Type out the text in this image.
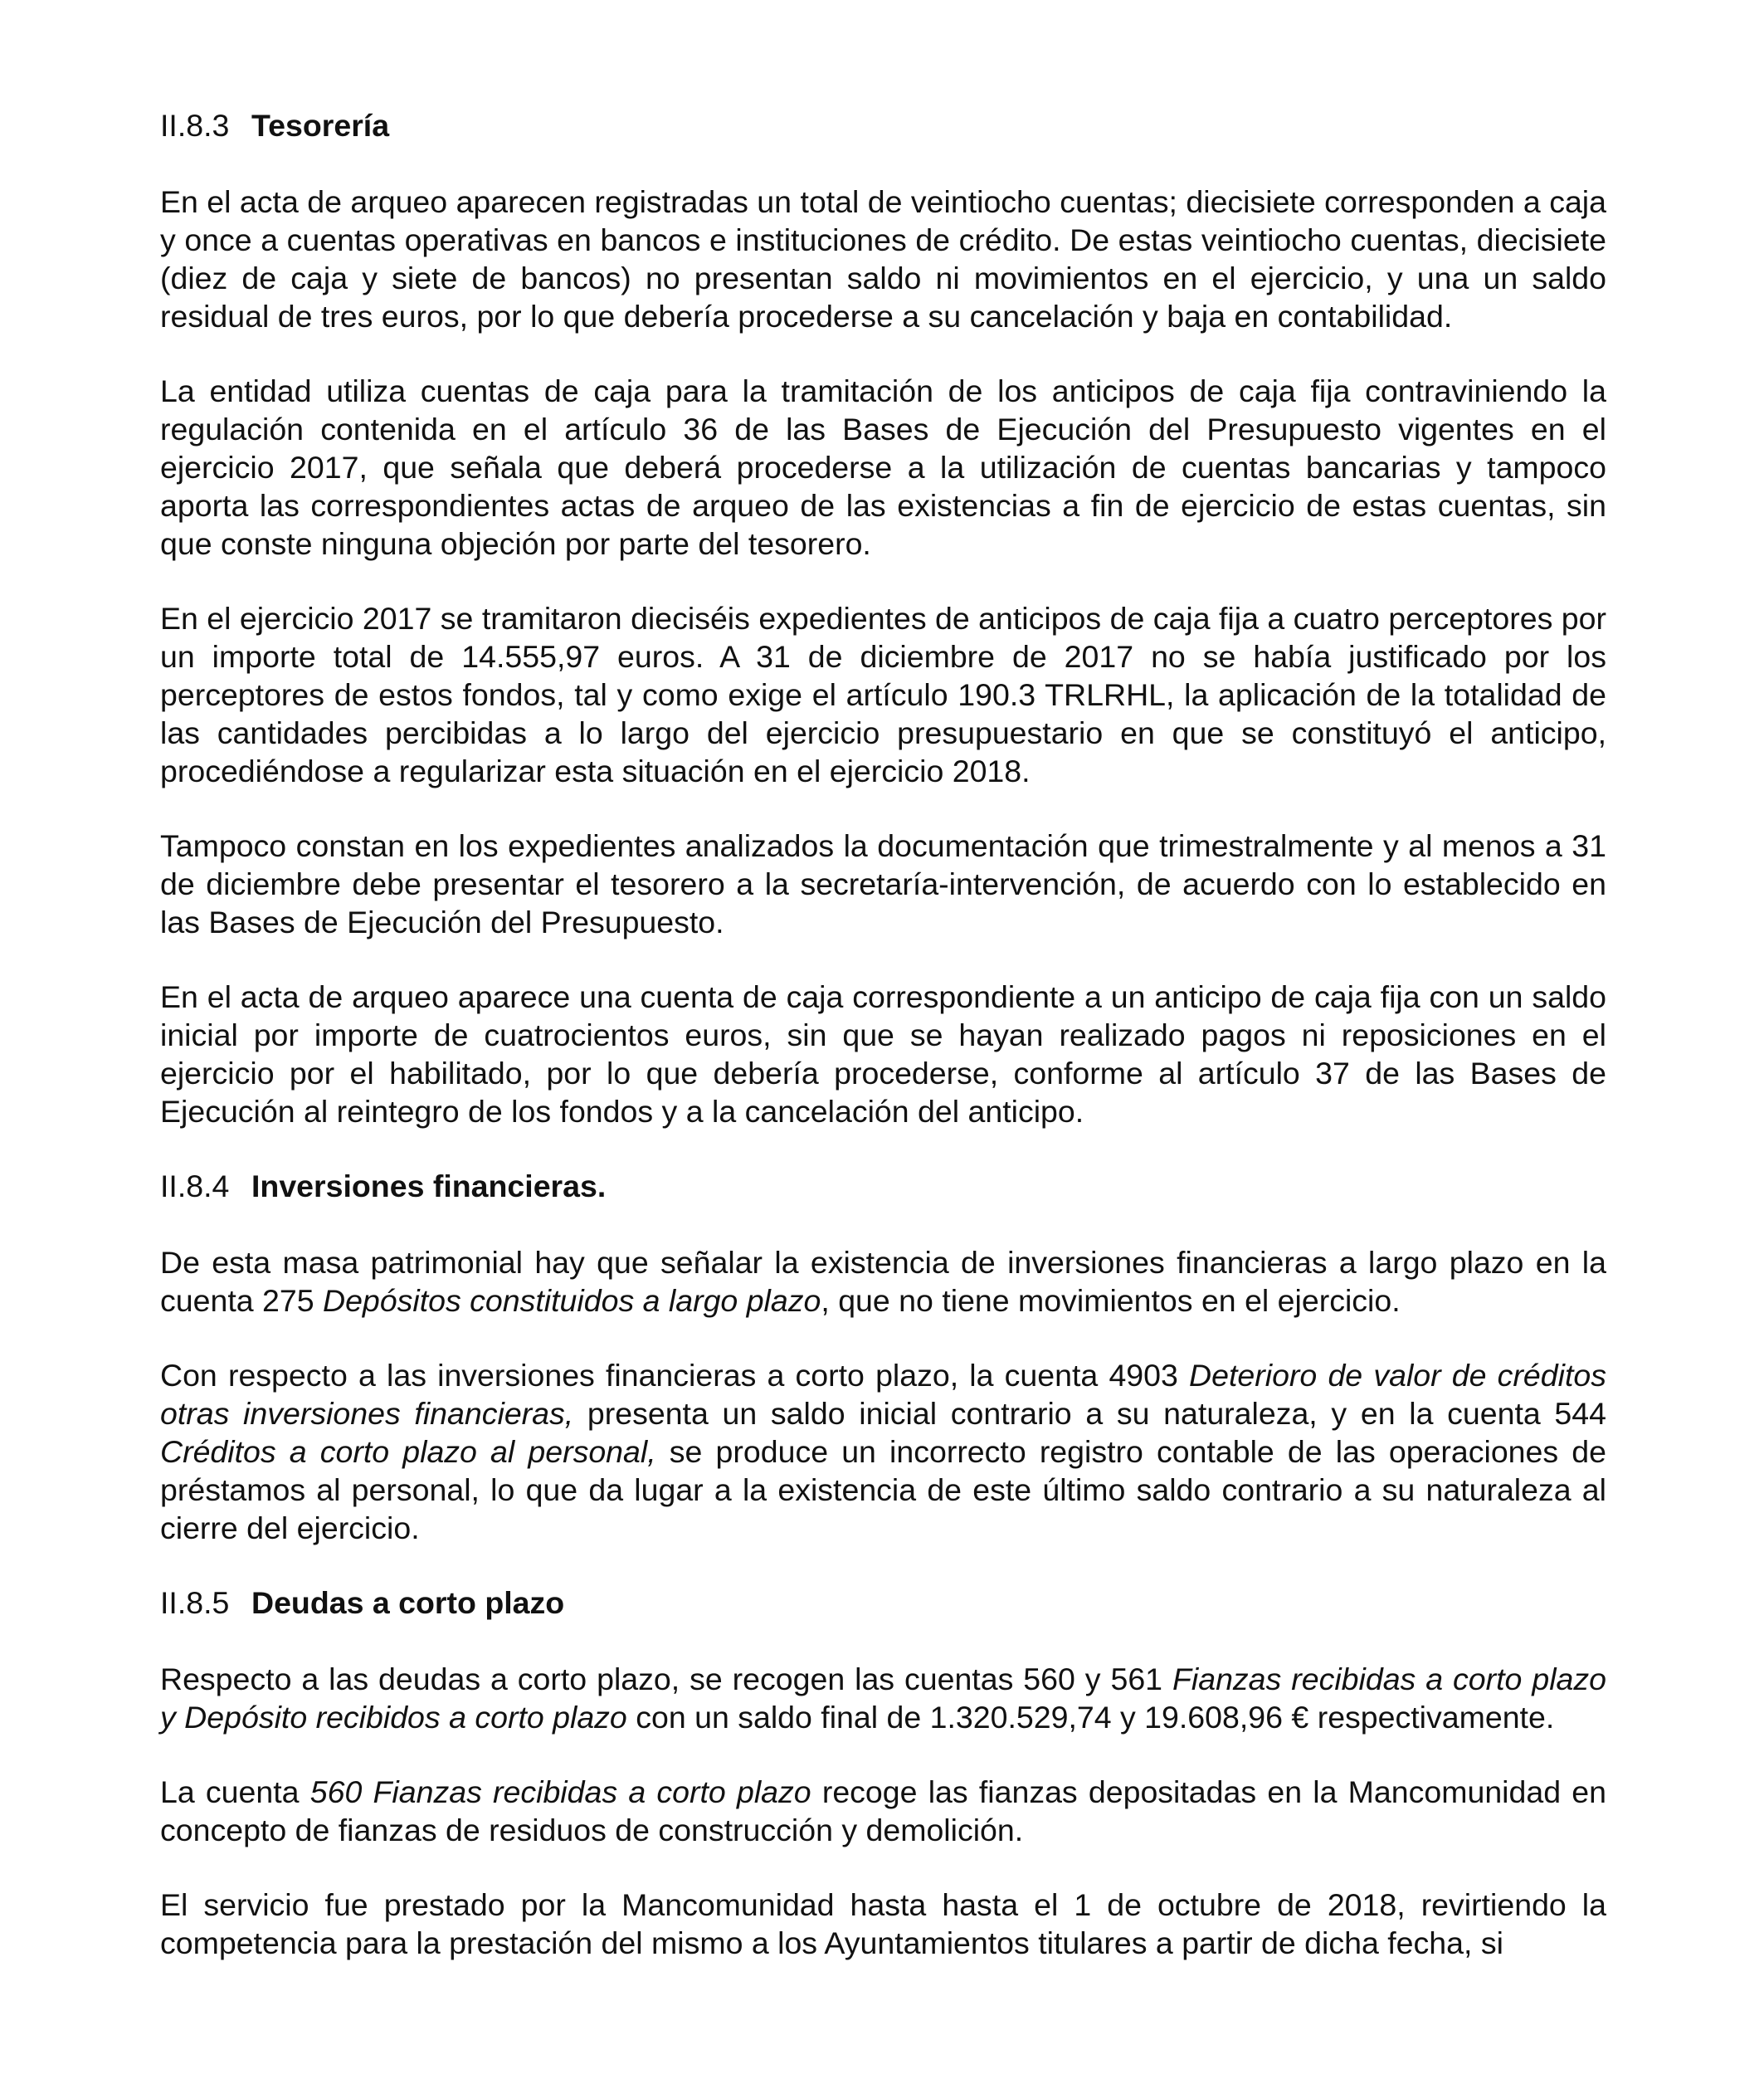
II.8.3 Tesorería

En el acta de arqueo aparecen registradas un total de veintiocho cuentas; diecisiete corresponden a caja y once a cuentas operativas en bancos e instituciones de crédito. De estas veintiocho cuentas, diecisiete (diez de caja y siete de bancos) no presentan saldo ni movimientos en el ejercicio, y una un saldo residual de tres euros, por lo que debería procederse a su cancelación y baja en contabilidad.

La entidad utiliza cuentas de caja para la tramitación de los anticipos de caja fija contraviniendo la regulación contenida en el artículo 36 de las Bases de Ejecución del Presupuesto vigentes en el ejercicio 2017, que señala que deberá procederse a la utilización de cuentas bancarias y tampoco aporta las correspondientes actas de arqueo de las existencias a fin de ejercicio de estas cuentas, sin que conste ninguna objeción por parte del tesorero.

En el ejercicio 2017 se tramitaron dieciséis expedientes de anticipos de caja fija a cuatro perceptores por un importe total de 14.555,97 euros. A 31 de diciembre de 2017 no se había justificado por los perceptores de estos fondos, tal y como exige el artículo 190.3 TRLRHL, la aplicación de la totalidad de las cantidades percibidas a lo largo del ejercicio presupuestario en que se constituyó el anticipo, procediéndose a regularizar esta situación en el ejercicio 2018.

Tampoco constan en los expedientes analizados la documentación que trimestralmente y al menos a 31 de diciembre debe presentar el tesorero a la secretaría-intervención, de acuerdo con lo establecido en las Bases de Ejecución del Presupuesto.

En el acta de arqueo aparece una cuenta de caja correspondiente a un anticipo de caja fija con un saldo inicial por importe de cuatrocientos euros, sin que se hayan realizado pagos ni reposiciones en el ejercicio por el habilitado, por lo que debería procederse, conforme al artículo 37 de las Bases de Ejecución al reintegro de los fondos y a la cancelación del anticipo.

II.8.4 Inversiones financieras.

De esta masa patrimonial hay que señalar la existencia de inversiones financieras a largo plazo en la cuenta 275 Depósitos constituidos a largo plazo, que no tiene movimientos en el ejercicio.

Con respecto a las inversiones financieras a corto plazo, la cuenta 4903 Deterioro de valor de créditos otras inversiones financieras, presenta un saldo inicial contrario a su naturaleza, y en la cuenta 544 Créditos a corto plazo al personal, se produce un incorrecto registro contable de las operaciones de préstamos al personal, lo que da lugar a la existencia de este último saldo contrario a su naturaleza al cierre del ejercicio.

II.8.5 Deudas a corto plazo

Respecto a las deudas a corto plazo, se recogen las cuentas 560 y 561 Fianzas recibidas a corto plazo y Depósito recibidos a corto plazo con un saldo final de 1.320.529,74 y 19.608,96 € respectivamente.

La cuenta 560 Fianzas recibidas a corto plazo recoge las fianzas depositadas en la Mancomunidad en concepto de fianzas de residuos de construcción y demolición.

El servicio fue prestado por la Mancomunidad hasta hasta el 1 de octubre de 2018, revirtiendo la competencia para la prestación del mismo a los Ayuntamientos titulares a partir de dicha fecha, si
